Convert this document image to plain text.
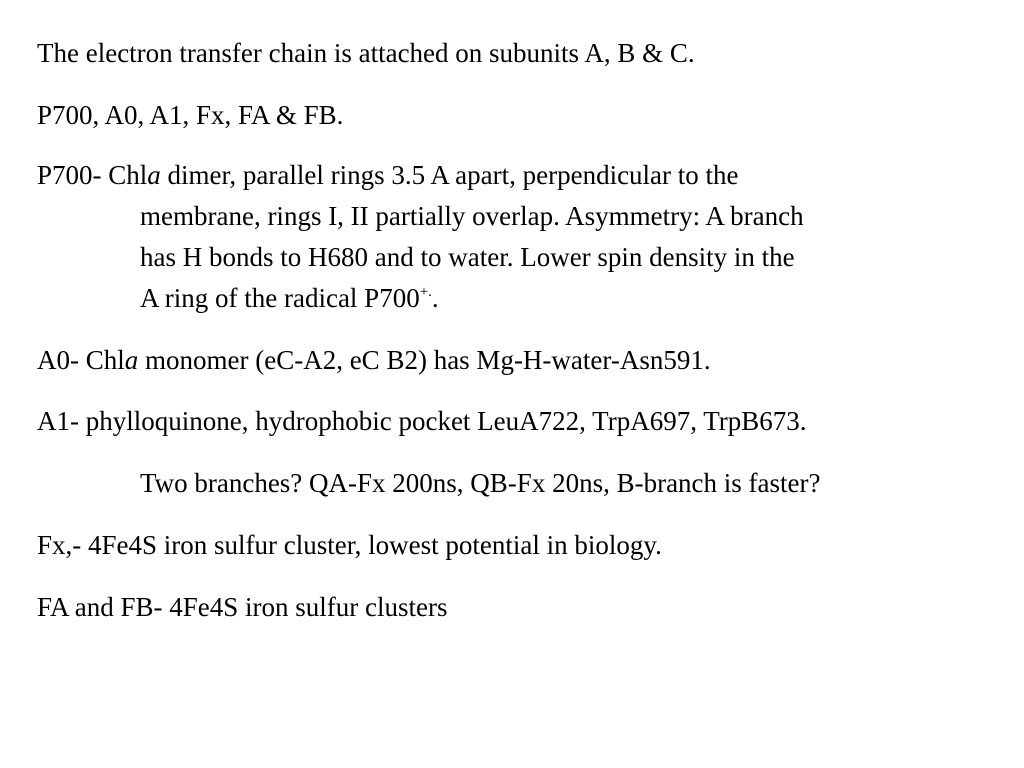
The electron transfer chain is attached on subunits A, B & C.

P700, A0, A1, Fx, FA & FB.

P700- Chla dimer, parallel rings 3.5 A apart, perpendicular to the

membrane, rings I, II partially overlap. Asymmetry: A branch

has H bonds to H680 and to water. Lower spin density in the

A ring of the radical P700+..

A0- Chla monomer (eC-A2, eC B2) has Mg-H-water-Asn591.

A1- phylloquinone, hydrophobic pocket LeuA722, TrpA697, TrpB673.

Two branches? QA-Fx 200ns, QB-Fx 20ns, B-branch is faster?

Fx,- 4Fe4S iron sulfur cluster, lowest potential in biology.

FA and FB- 4Fe4S iron sulfur clusters
